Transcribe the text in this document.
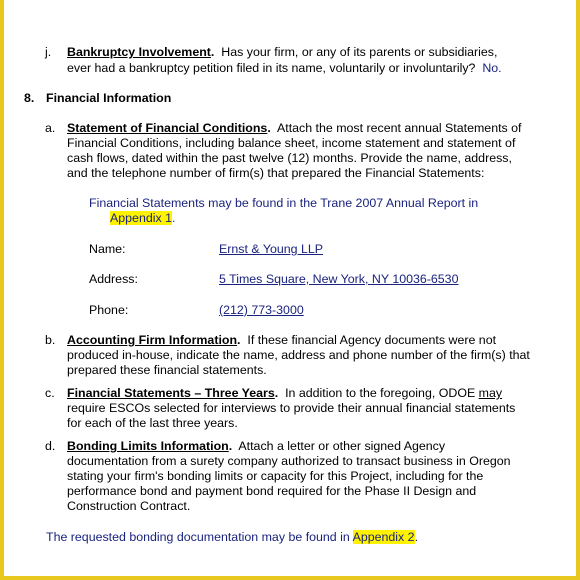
j. Bankruptcy Involvement. Has your firm, or any of its parents or subsidiaries,
ever had a bankruptcy petition filed in its name, voluntarily or involuntarily? No.
8. Financial Information
a. Statement of Financial Conditions. Attach the most recent annual Statements of
Financial Conditions, including balance sheet, income statement and statement of
cash flows, dated within the past twelve (12) months. Provide the name, address,
and the telephone number of firm(s) that prepared the Financial Statements:
Financial Statements may be found in the Trane 2007 Annual Report in
Appendix 1.
Name:	Ernst & Young LLP
Address:	5 Times Square, New York, NY 10036-6530
Phone:	(212) 773-3000
b. Accounting Firm Information. If these financial Agency documents were not
produced in-house, indicate the name, address and phone number of the firm(s) that
prepared these financial statements.
c. Financial Statements – Three Years. In addition to the foregoing, ODOE may
require ESCOs selected for interviews to provide their annual financial statements
for each of the last three years.
d. Bonding Limits Information. Attach a letter or other signed Agency
documentation from a surety company authorized to transact business in Oregon
stating your firm's bonding limits or capacity for this Project, including for the
performance bond and payment bond required for the Phase II Design and
Construction Contract.
The requested bonding documentation may be found in Appendix 2.
